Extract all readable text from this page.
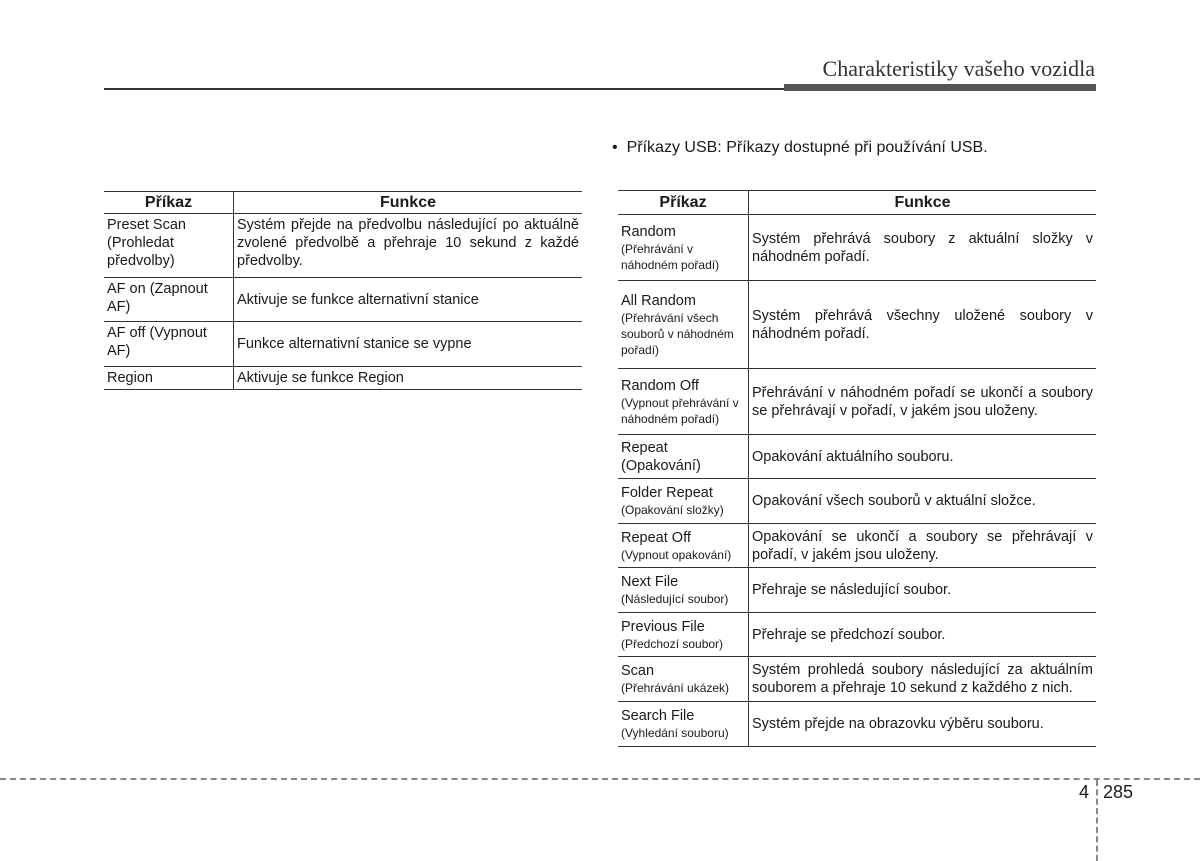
Charakteristiky vašeho vozidla
• Příkazy USB: Příkazy dostupné při používání USB.
Příkaz	Funkce
Preset Scan (Prohledat předvolby)	Systém přejde na předvolbu následující po aktuálně zvolené předvolbě a přehraje 10 sekund z každé předvolby.
AF on (Zapnout AF)	Aktivuje se funkce alternativní stanice
AF off (Vypnout AF)	Funkce alternativní stanice se vypne
Region	Aktivuje se funkce Region
Příkaz	Funkce

Random
(Přehrávání v náhodném pořadí)	Systém přehrává soubory z aktuální složky v náhodném pořadí.

All Random
(Přehrávání všech souborů v náhodném pořadí)	Systém přehrává všechny uložené soubory v náhodném pořadí.

Random Off
(Vypnout přehrávání v náhodném pořadí)	Přehrávání v náhodném pořadí se ukončí a soubory se přehrávají v pořadí, v jakém jsou uloženy.

Repeat
(Opakování)	Opakování aktuálního souboru.

Folder Repeat
(Opakování složky)	Opakování všech souborů v aktuální složce.

Repeat Off
(Vypnout opakování)	Opakování se ukončí a soubory se přehrávají v pořadí, v jakém jsou uloženy.

Next File
(Následující soubor)	Přehraje se následující soubor.

Previous File
(Předchozí soubor)	Přehraje se předchozí soubor.

Scan
(Přehrávání ukázek)	Systém prohledá soubory následující za aktuálním souborem a přehraje 10 sekund z každého z nich.

Search File
(Vyhledání souboru)	Systém přejde na obrazovku výběru souboru.
4 285
